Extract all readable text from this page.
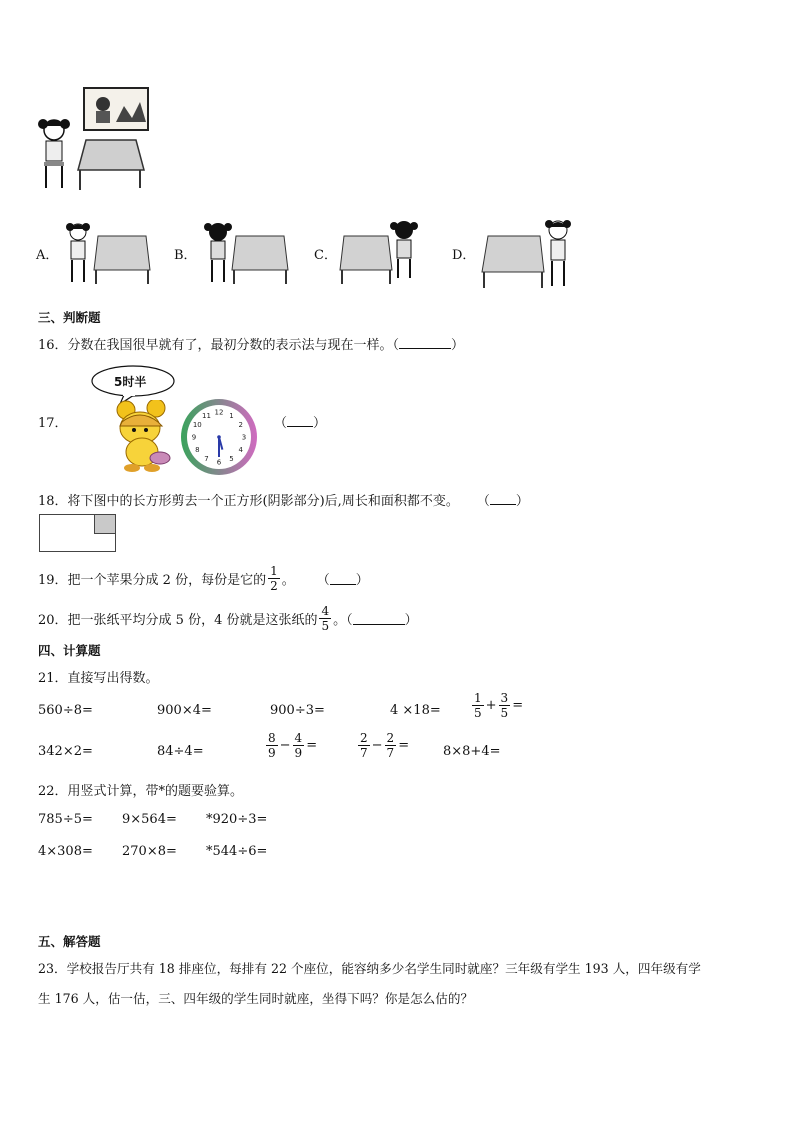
A．	B．	C．	D．
三、判断题
16．分数在我国很早就有了，最初分数的表示法与现在一样。（	）
17．
5时半
12 1
2
3
4
5
6
7
8
9
10
11
（ ）
18．将下图中的长方形剪去一个正方形(阴影部分)后,周长和面积都不变。 （ ）
19．把一个苹果分成 2 份，每份是它的 $\frac{1}{2}$ 。 （ ）
20．把一张纸平均分成 5 份，4 份就是这张纸的 $\frac{4}{5}$ 。（	）
四、计算题
21．直接写出得数。
560÷8=	900×4=	900÷3=	4 ×18=	$\frac{1}{5} + \frac{3}{5}$ =
342×2=	84÷4=	$\frac{8}{9} - \frac{4}{9}$ =	$\frac{2}{7} - \frac{2}{7}$ =	8×8+4=
22．用竖式计算，带*的题要验算。
785÷5= 9×564= *920÷3=
4×308= 270×8= *544÷6=
五、解答题
23．学校报告厅共有 18 排座位，每排有 22 个座位，能容纳多少名学生同时就座？三年级有学生 193 人，四年级有学
生 176 人，估一估，三、四年级的学生同时就座，坐得下吗？你是怎么估的？
